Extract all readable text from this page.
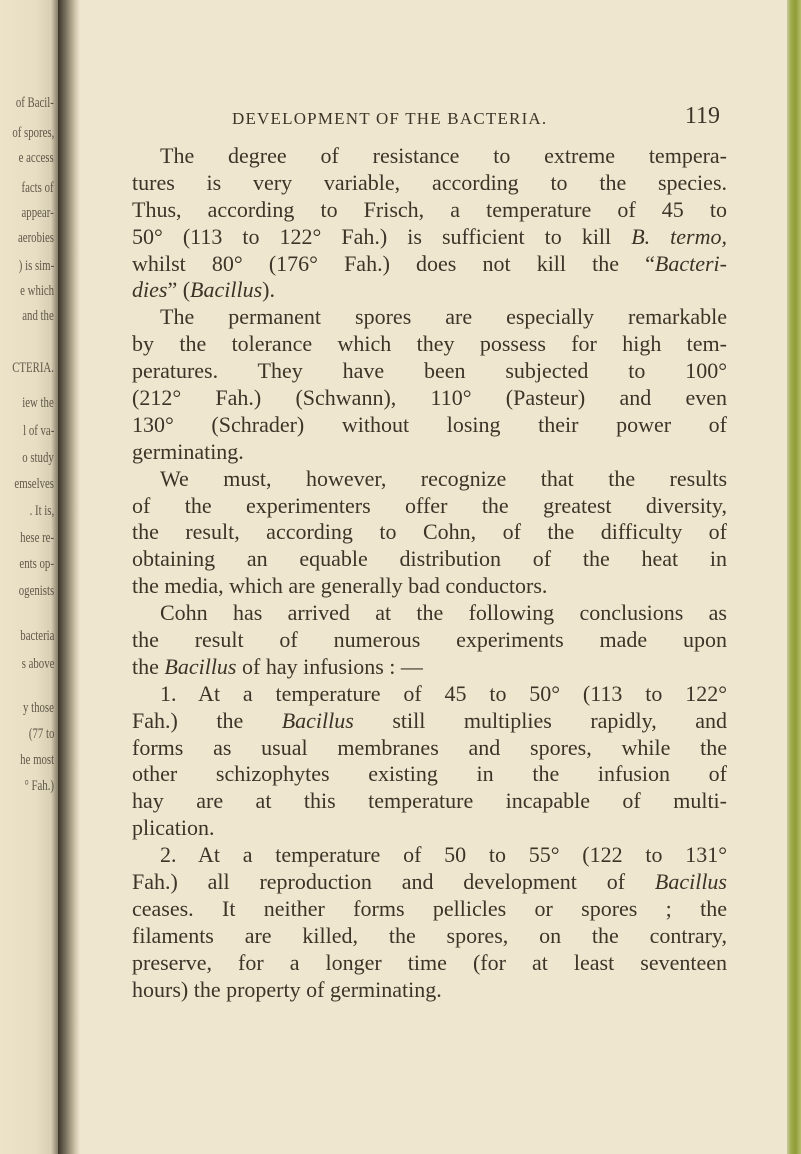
of Bacil-
of spores,
e access
facts of
appear-
aerobies
) is sim-
e which
and the
CTERIA.
iew the
l of va-
o study
emselves
. It is,
hese re-
ents op-
ogenists
bacteria
s above
y those
(77 to
he most
° Fah.)
DEVELOPMENT OF THE BACTERIA.	119
The degree of resistance to extreme tempera-
tures is very variable, according to the species.
Thus, according to Frisch, a temperature of 45 to
50° (113 to 122° Fah.) is sufficient to kill B. termo,
whilst 80° (176° Fah.) does not kill the “Bacteri-
dies” (Bacillus).
The permanent spores are especially remarkable
by the tolerance which they possess for high tem-
peratures. They have been subjected to 100°
(212° Fah.) (Schwann), 110° (Pasteur) and even
130° (Schrader) without losing their power of
germinating.
We must, however, recognize that the results
of the experimenters offer the greatest diversity,
the result, according to Cohn, of the difficulty of
obtaining an equable distribution of the heat in
the media, which are generally bad conductors.
Cohn has arrived at the following conclusions as
the result of numerous experiments made upon
the Bacillus of hay infusions : —
1. At a temperature of 45 to 50° (113 to 122°
Fah.) the Bacillus still multiplies rapidly, and
forms as usual membranes and spores, while the
other schizophytes existing in the infusion of
hay are at this temperature incapable of multi-
plication.
2. At a temperature of 50 to 55° (122 to 131°
Fah.) all reproduction and development of Bacillus
ceases. It neither forms pellicles or spores ; the
filaments are killed, the spores, on the contrary,
preserve, for a longer time (for at least seventeen
hours) the property of germinating.
